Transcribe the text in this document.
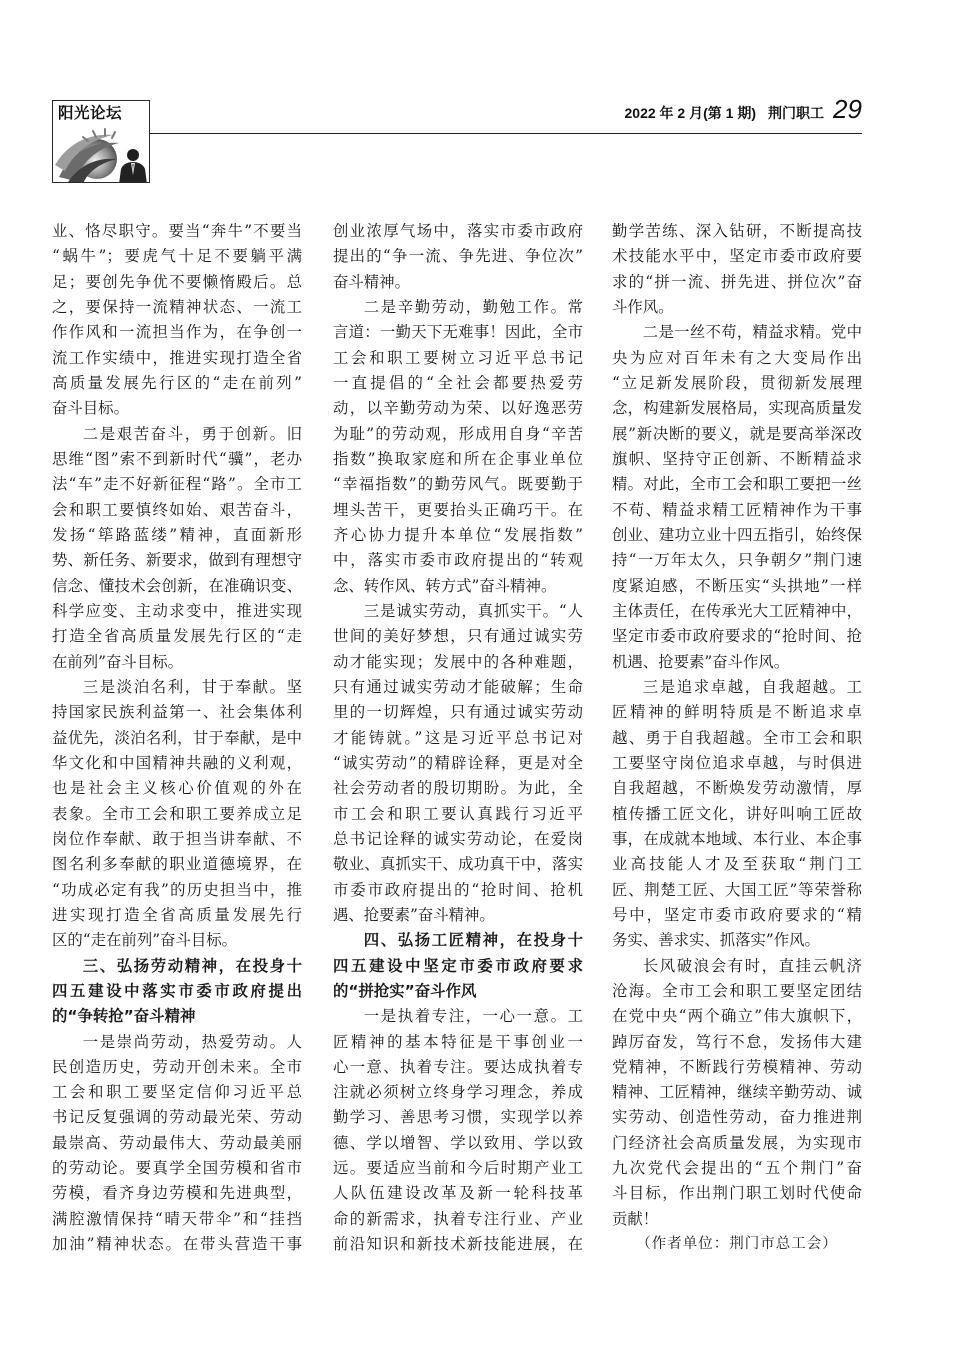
阳光论坛	2022 年 2 月(第 1 期) 荆门职工 29
业、恪尽职守。要当“奔牛”不要当
“蜗牛”；要虎气十足不要躺平满
足；要创先争优不要懒惰殿后。总
之，要保持一流精神状态、一流工
作作风和一流担当作为，在争创一
流工作实绩中，推进实现打造全省
高质量发展先行区的“走在前列”
奋斗目标。
二是艰苦奋斗，勇于创新。旧
思维“图”索不到新时代“骥”，老办
法“车”走不好新征程“路”。全市工
会和职工要慎终如始、艰苦奋斗，
发扬“筚路蓝缕”精神，直面新形
势、新任务、新要求，做到有理想守
信念、懂技术会创新，在准确识变、
科学应变、主动求变中，推进实现
打造全省高质量发展先行区的“走
在前列”奋斗目标。
三是淡泊名利，甘于奉献。坚
持国家民族利益第一、社会集体利
益优先，淡泊名利，甘于奉献，是中
华文化和中国精神共融的义利观，
也是社会主义核心价值观的外在
表象。全市工会和职工要养成立足
岗位作奉献、敢于担当讲奉献、不
图名利多奉献的职业道德境界，在
“功成必定有我”的历史担当中，推
进实现打造全省高质量发展先行
区的“走在前列”奋斗目标。
三、弘扬劳动精神，在投身十
四五建设中落实市委市政府提出
的“争转抢”奋斗精神
一是崇尚劳动，热爱劳动。人
民创造历史，劳动开创未来。全市
工会和职工要坚定信仰习近平总
书记反复强调的劳动最光荣、劳动
最崇高、劳动最伟大、劳动最美丽
的劳动论。要真学全国劳模和省市
劳模，看齐身边劳模和先进典型，
满腔激情保持“晴天带伞”和“挂挡
加油”精神状态。在带头营造干事
创业浓厚气场中，落实市委市政府
提出的“争一流、争先进、争位次”
奋斗精神。
二是辛勤劳动，勤勉工作。常
言道：一勤天下无难事！因此，全市
工会和职工要树立习近平总书记
一直提倡的“全社会都要热爱劳
动，以辛勤劳动为荣、以好逸恶劳
为耻”的劳动观，形成用自身“辛苦
指数”换取家庭和所在企事业单位
“幸福指数”的勤劳风气。既要勤于
埋头苦干，更要抬头正确巧干。在
齐心协力提升本单位“发展指数”
中，落实市委市政府提出的“转观
念、转作风、转方式”奋斗精神。
三是诚实劳动，真抓实干。“人
世间的美好梦想，只有通过诚实劳
动才能实现；发展中的各种难题，
只有通过诚实劳动才能破解；生命
里的一切辉煌，只有通过诚实劳动
才能铸就。”这是习近平总书记对
“诚实劳动”的精辟诠释，更是对全
社会劳动者的殷切期盼。为此，全
市工会和职工要认真践行习近平
总书记诠释的诚实劳动论，在爱岗
敬业、真抓实干、成功真干中，落实
市委市政府提出的“抢时间、抢机
遇、抢要素”奋斗精神。
四、弘扬工匠精神，在投身十
四五建设中坚定市委市政府要求
的“拼抢实”奋斗作风
一是执着专注，一心一意。工
匠精神的基本特征是干事创业一
心一意、执着专注。要达成执着专
注就必须树立终身学习理念，养成
勤学习、善思考习惯，实现学以养
德、学以增智、学以致用、学以致
远。要适应当前和今后时期产业工
人队伍建设改革及新一轮科技革
命的新需求，执着专注行业、产业
前沿知识和新技术新技能进展，在
勤学苦练、深入钻研，不断提高技
术技能水平中，坚定市委市政府要
求的“拼一流、拼先进、拼位次”奋
斗作风。
二是一丝不苟，精益求精。党中
央为应对百年未有之大变局作出
“立足新发展阶段，贯彻新发展理
念，构建新发展格局，实现高质量发
展”新决断的要义，就是要高举深改
旗帜、坚持守正创新、不断精益求
精。对此，全市工会和职工要把一丝
不苟、精益求精工匠精神作为干事
创业、建功立业十四五指引，始终保
持“一万年太久，只争朝夕”荆门速
度紧迫感，不断压实“头拱地”一样
主体责任，在传承光大工匠精神中，
坚定市委市政府要求的“抢时间、抢
机遇、抢要素”奋斗作风。
三是追求卓越，自我超越。工
匠精神的鲜明特质是不断追求卓
越、勇于自我超越。全市工会和职
工要坚守岗位追求卓越，与时俱进
自我超越，不断焕发劳动激情，厚
植传播工匠文化，讲好叫响工匠故
事，在成就本地域、本行业、本企事
业高技能人才及至获取“荆门工
匠、荆楚工匠、大国工匠”等荣誉称
号中，坚定市委市政府要求的“精
务实、善求实、抓落实”作风。
长风破浪会有时，直挂云帆济
沧海。全市工会和职工要坚定团结
在党中央“两个确立”伟大旗帜下，
踔厉奋发，笃行不怠，发扬伟大建
党精神，不断践行劳模精神、劳动
精神、工匠精神，继续辛勤劳动、诚
实劳动、创造性劳动，奋力推进荆
门经济社会高质量发展，为实现市
九次党代会提出的“五个荆门”奋
斗目标，作出荆门职工划时代使命
贡献！
（作者单位：荆门市总工会）
